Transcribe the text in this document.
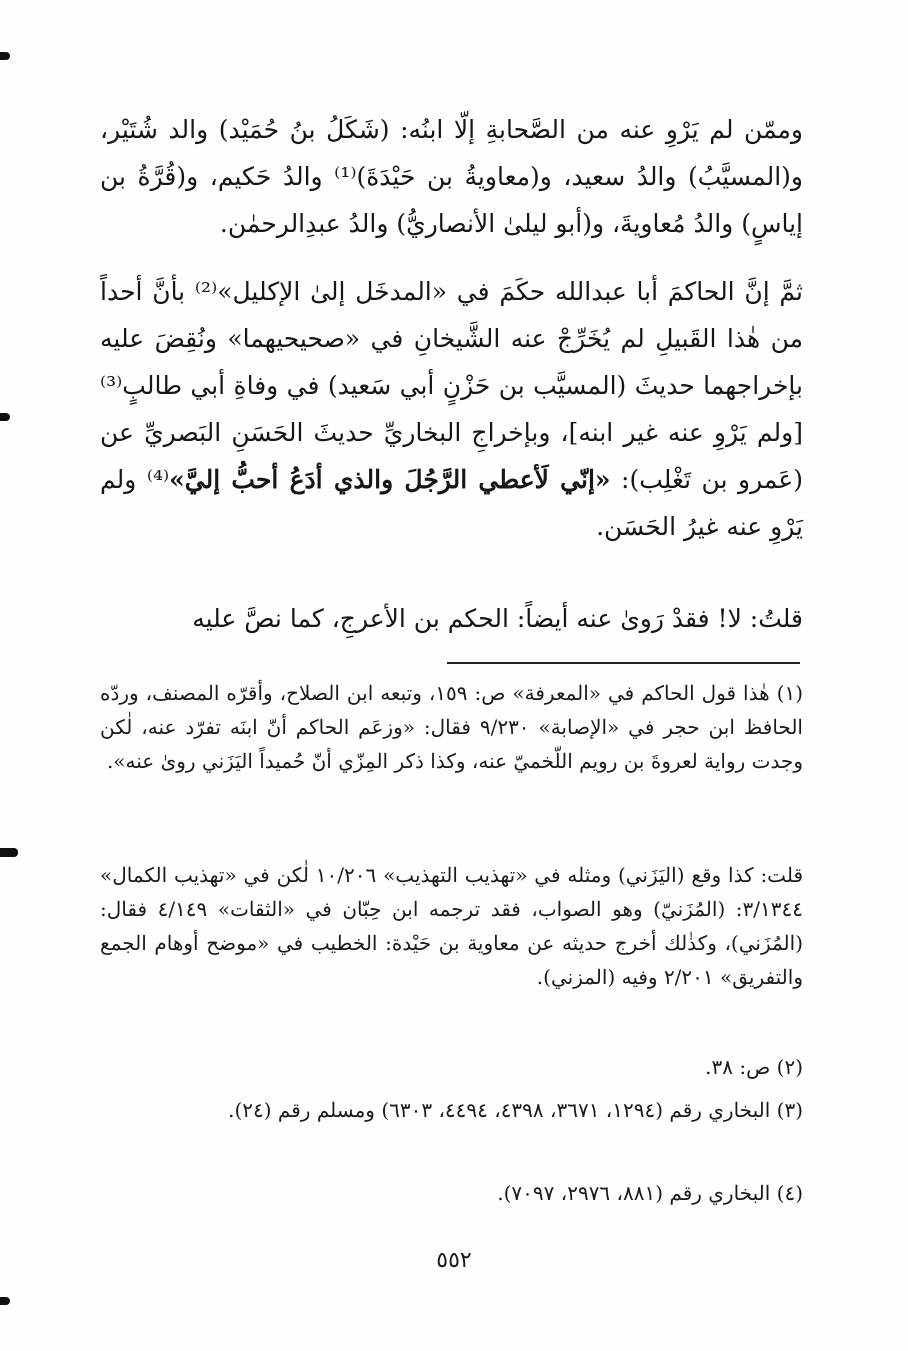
وممّن لم يَرْوِ عنه من الصَّحابةِ إلّا ابنُه: (شَكَلُ بنُ حُمَيْد) والد شُتَيْر، و(المسيَّبُ) والدُ سعيد، و(معاويةُ بن حَيْدَةَ)⁽¹⁾ والدُ حَكيم، و(قُرَّةُ بن إياسٍ) والدُ مُعاويةَ، و(أبو ليلىٰ الأنصاريُّ) والدُ عبدِالرحمٰن.

ثمَّ إنَّ الحاكمَ أبا عبدالله حكَمَ في «المدخَل إلىٰ الإكليل»⁽²⁾ بأنَّ أحداً من هٰذا القَبيلِ لم يُخَرِّجْ عنه الشَّيخانِ في «صحيحيهما» ونُقِضَ عليه بإخراجهما حديثَ (المسيَّب بن حَزْنٍ أبي سَعيد) في وفاةِ أبي طالبٍ⁽³⁾ [ولم يَرْوِ عنه غير ابنه]، وبإخراجِ البخاريِّ حديثَ الحَسَنِ البَصريِّ عن (عَمرو بن تَغْلِب): «إنّي لَأعطي الرَّجُلَ والذي أدَعُ أحبُّ إليَّ»⁽⁴⁾ ولم يَرْوِ عنه غيرُ الحَسَن.

قلتُ: لا! فقدْ رَوىٰ عنه أيضاً: الحكم بن الأعرجِ، كما نصَّ عليه

(١) هٰذا قول الحاكم في «المعرفة» ص: ١٥٩، وتبعه ابن الصلاح، وأقرّه المصنف، وردّه الحافظ ابن حجر في «الإصابة» ٩/٢٣٠ فقال: «وزعَم الحاكم أنّ ابنَه تفرّد عنه، لٰكن وجدت رواية لعروةَ بن رويم اللّخميّ عنه، وكذا ذكر المِزّي أنّ حُميداً اليَزَني روىٰ عنه».

قلت: كذا وقع (اليَزَني) ومثله في «تهذيب التهذيب» ١٠/٢٠٦ لٰكن في «تهذيب الكمال» ٣/١٣٤٤: (المُزَنيّ) وهو الصواب، فقد ترجمه ابن حِبّان في «الثقات» ٤/١٤٩ فقال: (المُزَني)، وكذٰلك أخرج حديثه عن معاوية بن حَيْدة: الخطيب في «موضح أوهام الجمع والتفريق» ٢/٢٠١ وفيه (المزني).

(٢) ص: ٣٨.

(٣) البخاري رقم (١٢٩٤، ٣٦٧١، ٤٣٩٨، ٤٤٩٤، ٦٣٠٣) ومسلم رقم (٢٤).

(٤) البخاري رقم (٨٨١، ٢٩٧٦، ٧٠٩٧).

٥٥٢
